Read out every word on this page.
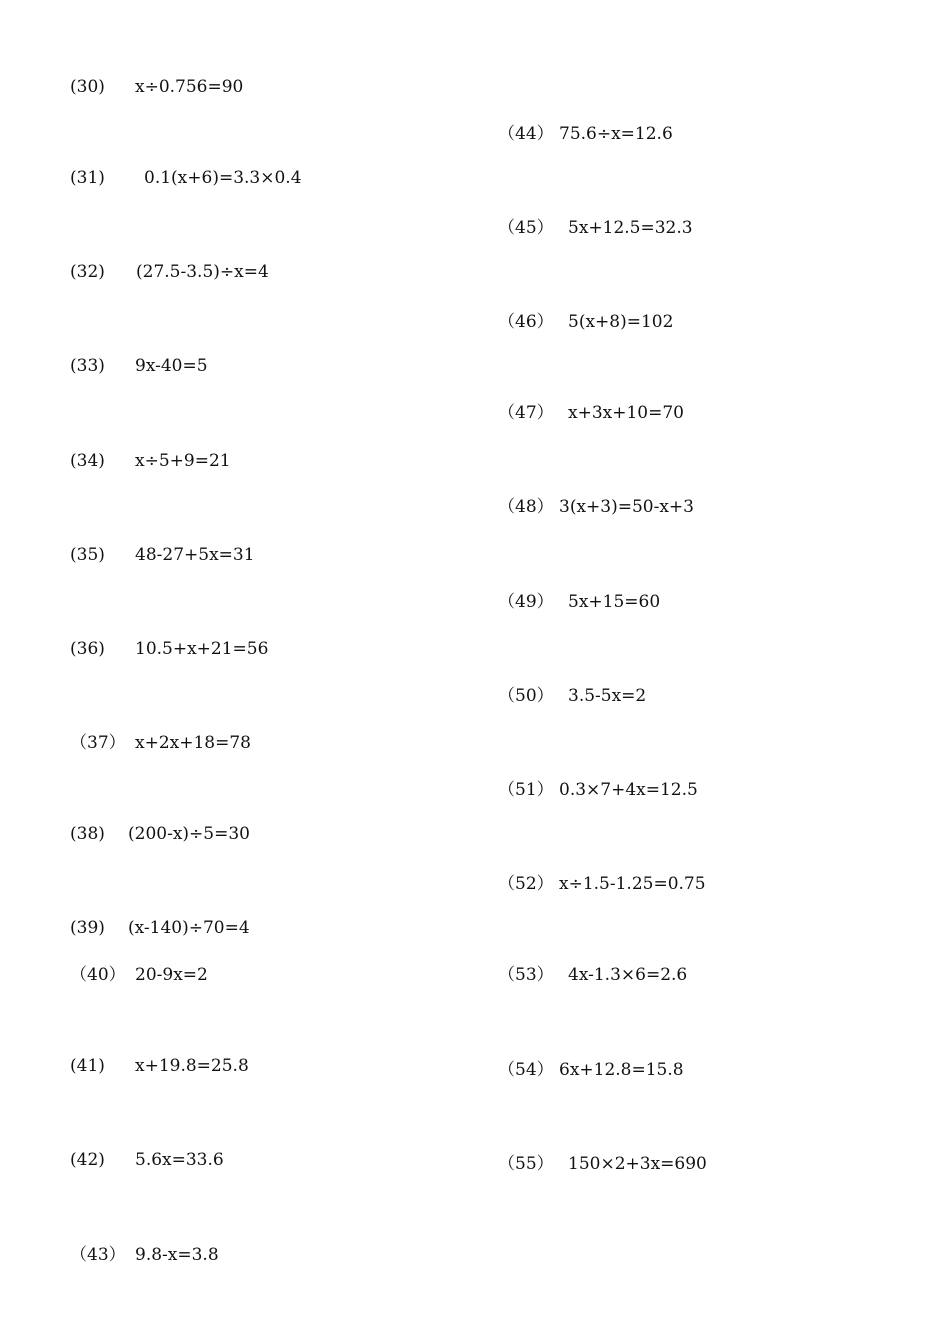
(30) x÷0.756=90
(31) 0.1(x+6)=3.3×0.4
(32) (27.5-3.5)÷x=4
(33) 9x-40=5
(34) x÷5+9=21
(35) 48-27+5x=31
(36) 10.5+x+21=56
（37） x+2x+18=78
(38) (200-x)÷5=30
(39) (x-140)÷70=4
（40） 20-9x=2
(41) x+19.8=25.8
(42) 5.6x=33.6
（43） 9.8-x=3.8
（44） 75.6÷x=12.6
（45） 5x+12.5=32.3
（46） 5(x+8)=102
（47） x+3x+10=70
（48） 3(x+3)=50-x+3
（49） 5x+15=60
（50） 3.5-5x=2
（51） 0.3×7+4x=12.5
（52） x÷1.5-1.25=0.75
（53） 4x-1.3×6=2.6
（54） 6x+12.8=15.8
（55） 150×2+3x=690
